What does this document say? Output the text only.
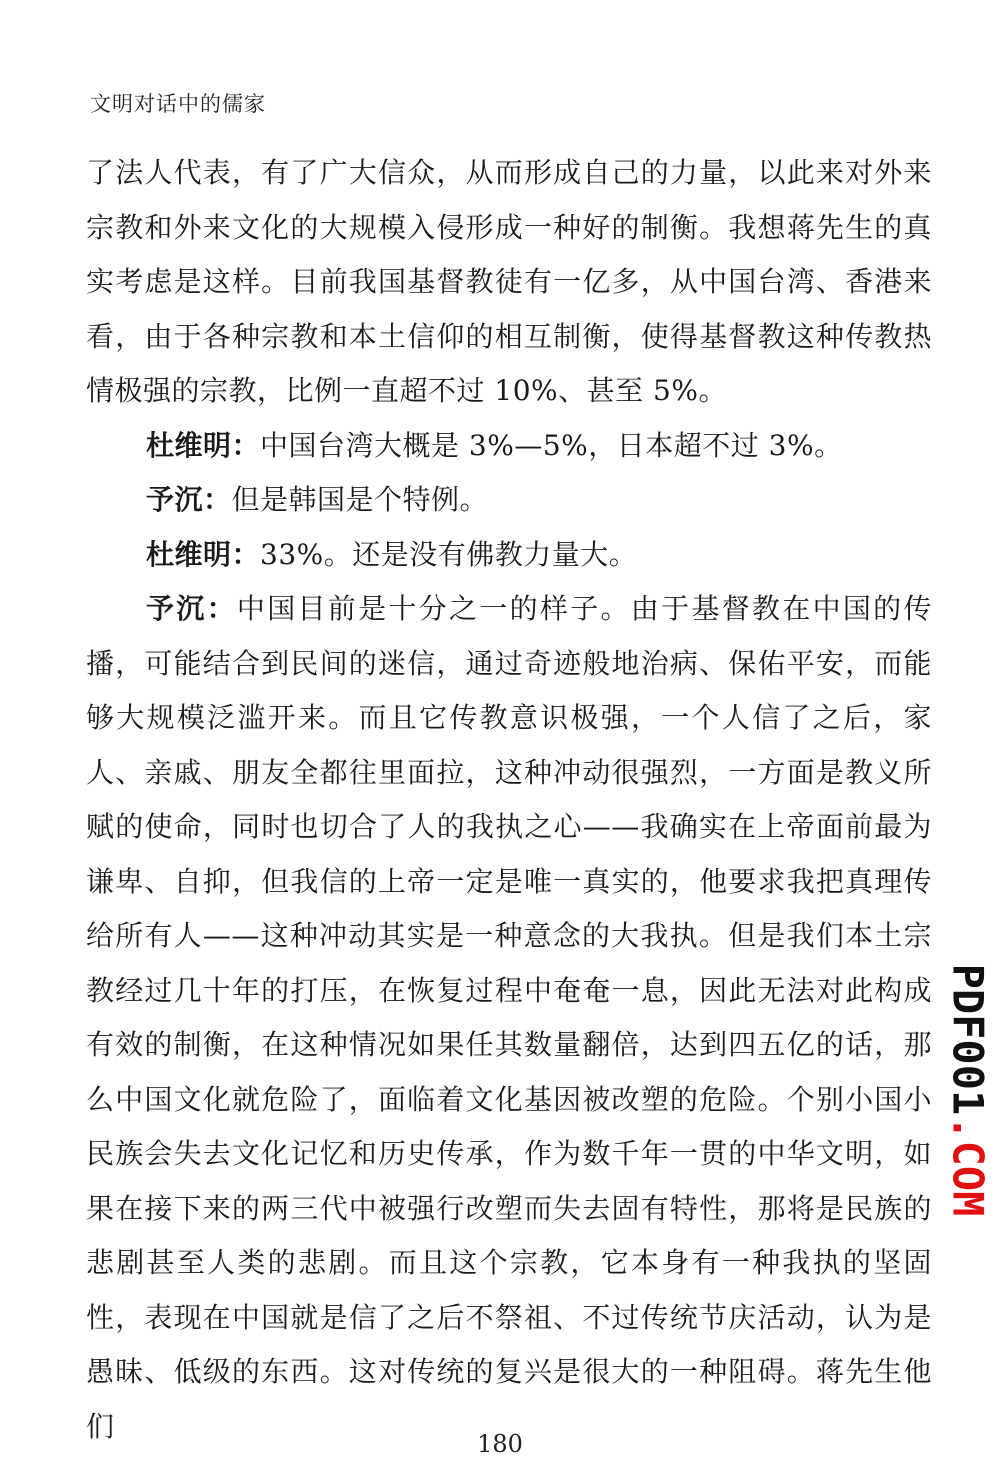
文明对话中的儒家

了法人代表，有了广大信众，从而形成自己的力量，以此来对外来宗教和外来文化的大规模入侵形成一种好的制衡。我想蒋先生的真实考虑是这样。目前我国基督教徒有一亿多，从中国台湾、香港来看，由于各种宗教和本土信仰的相互制衡，使得基督教这种传教热情极强的宗教，比例一直超不过 10%、甚至 5%。

杜维明：中国台湾大概是 3%—5%，日本超不过 3%。

予沉：但是韩国是个特例。

杜维明：33%。还是没有佛教力量大。

予沉：中国目前是十分之一的样子。由于基督教在中国的传播，可能结合到民间的迷信，通过奇迹般地治病、保佑平安，而能够大规模泛滥开来。而且它传教意识极强，一个人信了之后，家人、亲戚、朋友全都往里面拉，这种冲动很强烈，一方面是教义所赋的使命，同时也切合了人的我执之心——我确实在上帝面前最为谦卑、自抑，但我信的上帝一定是唯一真实的，他要求我把真理传给所有人——这种冲动其实是一种意念的大我执。但是我们本土宗教经过几十年的打压，在恢复过程中奄奄一息，因此无法对此构成有效的制衡，在这种情况如果任其数量翻倍，达到四五亿的话，那么中国文化就危险了，面临着文化基因被改塑的危险。个别小国小民族会失去文化记忆和历史传承，作为数千年一贯的中华文明，如果在接下来的两三代中被强行改塑而失去固有特性，那将是民族的悲剧甚至人类的悲剧。而且这个宗教，它本身有一种我执的坚固性，表现在中国就是信了之后不祭祖、不过传统节庆活动，认为是愚昧、低级的东西。这对传统的复兴是很大的一种阻碍。蒋先生他们

180
PDF001.COM
